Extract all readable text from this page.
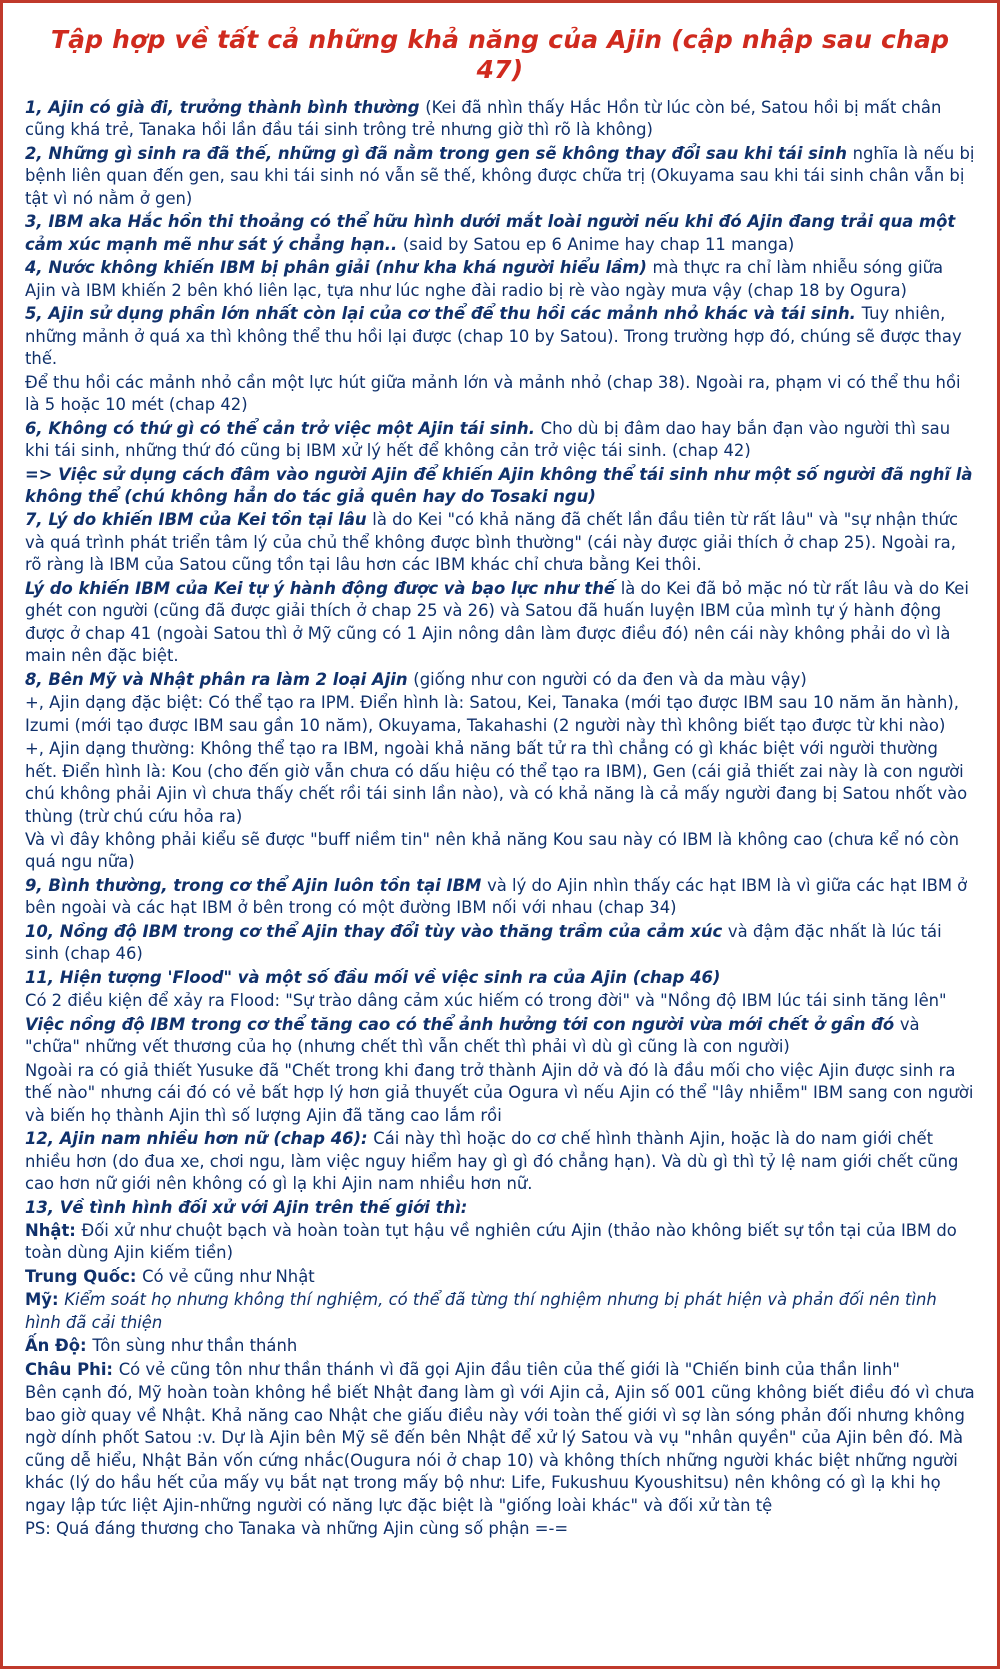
Tập hợp về tất cả những khả năng của Ajin (cập nhập sau chap 47)
1, Ajin có già đi, trưởng thành bình thường (Kei đã nhìn thấy Hắc Hồn từ lúc còn bé, Satou hồi bị mất chân cũng khá trẻ, Tanaka hồi lần đầu tái sinh trông trẻ nhưng giờ thì rõ là không)
2, Những gì sinh ra đã thế, những gì đã nằm trong gen sẽ không thay đổi sau khi tái sinh nghĩa là nếu bị bệnh liên quan đến gen, sau khi tái sinh nó vẫn sẽ thế, không được chữa trị (Okuyama sau khi tái sinh chân vẫn bị tật vì nó nằm ở gen)
3, IBM aka Hắc hồn thi thoảng có thể hữu hình dưới mắt loài người nếu khi đó Ajin đang trải qua một cảm xúc mạnh mẽ như sát ý chẳng hạn.. (said by Satou ep 6 Anime hay chap 11 manga)
4, Nước không khiến IBM bị phân giải (như kha khá người hiểu lầm) mà thực ra chỉ làm nhiễu sóng giữa Ajin và IBM khiến 2 bên khó liên lạc, tựa như lúc nghe đài radio bị rè vào ngày mưa vậy (chap 18 by Ogura)
5, Ajin sử dụng phần lớn nhất còn lại của cơ thể để thu hồi các mảnh nhỏ khác và tái sinh. Tuy nhiên, những mảnh ở quá xa thì không thể thu hồi lại được (chap 10 by Satou). Trong trường hợp đó, chúng sẽ được thay thế.
Để thu hồi các mảnh nhỏ cần một lực hút giữa mảnh lớn và mảnh nhỏ (chap 38). Ngoài ra, phạm vi có thể thu hồi là 5 hoặc 10 mét (chap 42)
6, Không có thứ gì có thể cản trở việc một Ajin tái sinh. Cho dù bị đâm dao hay bắn đạn vào người thì sau khi tái sinh, những thứ đó cũng bị IBM xử lý hết để không cản trở việc tái sinh. (chap 42)
=> Việc sử dụng cách đâm vào người Ajin để khiến Ajin không thể tái sinh như một số người đã nghĩ là không thể (chú không hẳn do tác giả quên hay do Tosaki ngu)
7, Lý do khiến IBM của Kei tồn tại lâu là do Kei "có khả năng đã chết lần đầu tiên từ rất lâu" và "sự nhận thức và quá trình phát triển tâm lý của chủ thể không được bình thường" (cái này được giải thích ở chap 25). Ngoài ra, rõ ràng là IBM của Satou cũng tồn tại lâu hơn các IBM khác chỉ chưa bằng Kei thôi.
Lý do khiến IBM của Kei tự ý hành động được và bạo lực như thế là do Kei đã bỏ mặc nó từ rất lâu và do Kei ghét con người (cũng đã được giải thích ở chap 25 và 26) và Satou đã huấn luyện IBM của mình tự ý hành động được ở chap 41 (ngoài Satou thì ở Mỹ cũng có 1 Ajin nông dân làm được điều đó) nên cái này không phải do vì là main nên đặc biệt.
8, Bên Mỹ và Nhật phân ra làm 2 loại Ajin (giống như con người có da đen và da màu vậy)
+, Ajin dạng đặc biệt: Có thể tạo ra IPM. Điển hình là: Satou, Kei, Tanaka (mới tạo được IBM sau 10 năm ăn hành), Izumi (mới tạo được IBM sau gần 10 năm), Okuyama, Takahashi (2 người này thì không biết tạo được từ khi nào)
+, Ajin dạng thường: Không thể tạo ra IBM, ngoài khả năng bất tử ra thì chẳng có gì khác biệt với người thường hết. Điển hình là: Kou (cho đến giờ vẫn chưa có dấu hiệu có thể tạo ra IBM), Gen (cái giả thiết zai này là con người chú không phải Ajin vì chưa thấy chết rồi tái sinh lần nào), và có khả năng là cả mấy người đang bị Satou nhốt vào thùng (trừ chú cứu hỏa ra)
Và vì đây không phải kiểu sẽ được "buff niềm tin" nên khả năng Kou sau này có IBM là không cao (chưa kể nó còn quá ngu nữa)
9, Bình thường, trong cơ thể Ajin luôn tồn tại IBM và lý do Ajin nhìn thấy các hạt IBM là vì giữa các hạt IBM ở bên ngoài và các hạt IBM ở bên trong có một đường IBM nối với nhau (chap 34)
10, Nồng độ IBM trong cơ thể Ajin thay đổi tùy vào thăng trầm của cảm xúc và đậm đặc nhất là lúc tái sinh (chap 46)
11, Hiện tượng 'Flood" và một số đầu mối về việc sinh ra của Ajin (chap 46)
Có 2 điều kiện để xảy ra Flood: "Sự trào dâng cảm xúc hiếm có trong đời" và "Nồng độ IBM lúc tái sinh tăng lên"
Việc nồng độ IBM trong cơ thể tăng cao có thể ảnh hưởng tới con người vừa mới chết ở gần đó và "chữa" những vết thương của họ (nhưng chết thì vẫn chết thì phải vì dù gì cũng là con người)
Ngoài ra có giả thiết Yusuke đã "Chết trong khi đang trở thành Ajin dở và đó là đầu mối cho việc Ajin được sinh ra thế nào" nhưng cái đó có vẻ bất hợp lý hơn giả thuyết của Ogura vì nếu Ajin có thể "lây nhiễm" IBM sang con người và biến họ thành Ajin thì số lượng Ajin đã tăng cao lắm rồi
12, Ajin nam nhiều hơn nữ (chap 46): Cái này thì hoặc do cơ chế hình thành Ajin, hoặc là do nam giới chết nhiều hơn (do đua xe, chơi ngu, làm việc nguy hiểm hay gì gì đó chẳng hạn). Và dù gì thì tỷ lệ nam giới chết cũng cao hơn nữ giới nên không có gì lạ khi Ajin nam nhiều hơn nữ.
13, Về tình hình đối xử với Ajin trên thế giới thì:
Nhật: Đối xử như chuột bạch và hoàn toàn tụt hậu về nghiên cứu Ajin (thảo nào không biết sự tồn tại của IBM do toàn dùng Ajin kiếm tiền)
Trung Quốc: Có vẻ cũng như Nhật
Mỹ: Kiểm soát họ nhưng không thí nghiệm, có thể đã từng thí nghiệm nhưng bị phát hiện và phản đối nên tình hình đã cải thiện
Ấn Độ: Tôn sùng như thần thánh
Châu Phi: Có vẻ cũng tôn như thần thánh vì đã gọi Ajin đầu tiên của thế giới là "Chiến binh của thần linh"
Bên cạnh đó, Mỹ hoàn toàn không hề biết Nhật đang làm gì với Ajin cả, Ajin số 001 cũng không biết điều đó vì chưa bao giờ quay về Nhật. Khả năng cao Nhật che giấu điều này với toàn thế giới vì sợ làn sóng phản đối nhưng không ngờ dính phốt Satou :v. Dự là Ajin bên Mỹ sẽ đến bên Nhật để xử lý Satou và vụ "nhân quyền" của Ajin bên đó. Mà cũng dễ hiểu, Nhật Bản vốn cứng nhắc(Ougura nói ở chap 10) và không thích những người khác biệt những người khác (lý do hầu hết của mấy vụ bắt nạt trong mấy bộ như: Life, Fukushuu Kyoushitsu) nên không có gì lạ khi họ ngay lập tức liệt Ajin-những người có năng lực đặc biệt là "giống loài khác" và đối xử tàn tệ
PS: Quá đáng thương cho Tanaka và những Ajin cùng số phận =-=
